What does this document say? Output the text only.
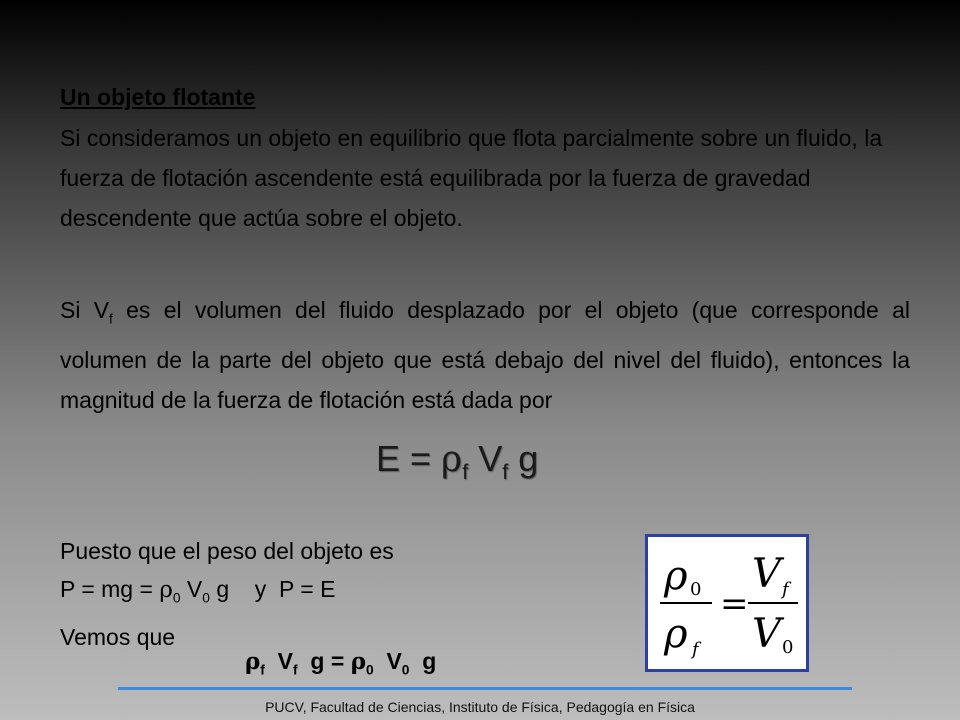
Un objeto flotante
Si consideramos un objeto en equilibrio que flota parcialmente sobre un fluido, la fuerza de flotación ascendente está equilibrada por la fuerza de gravedad descendente que actúa sobre el objeto.
Si $V_f$ es el volumen del fluido desplazado por el objeto (que corresponde al volumen de la parte del objeto que está debajo del nivel del fluido), entonces la magnitud de la fuerza de flotación está dada por
$E = \rho_f$ $V_f$ g
Puesto que el peso del objeto es
P = mg = $\rho_0$ $V_0$ g    y  P = E
Vemos que
$\rho_f$  $V_f$  $g = \rho_0$  $V_0$  g
ρ 0
ρ f
=
V f
V 0
PUCV, Facultad de Ciencias, Instituto de Física, Pedagogía en Física
